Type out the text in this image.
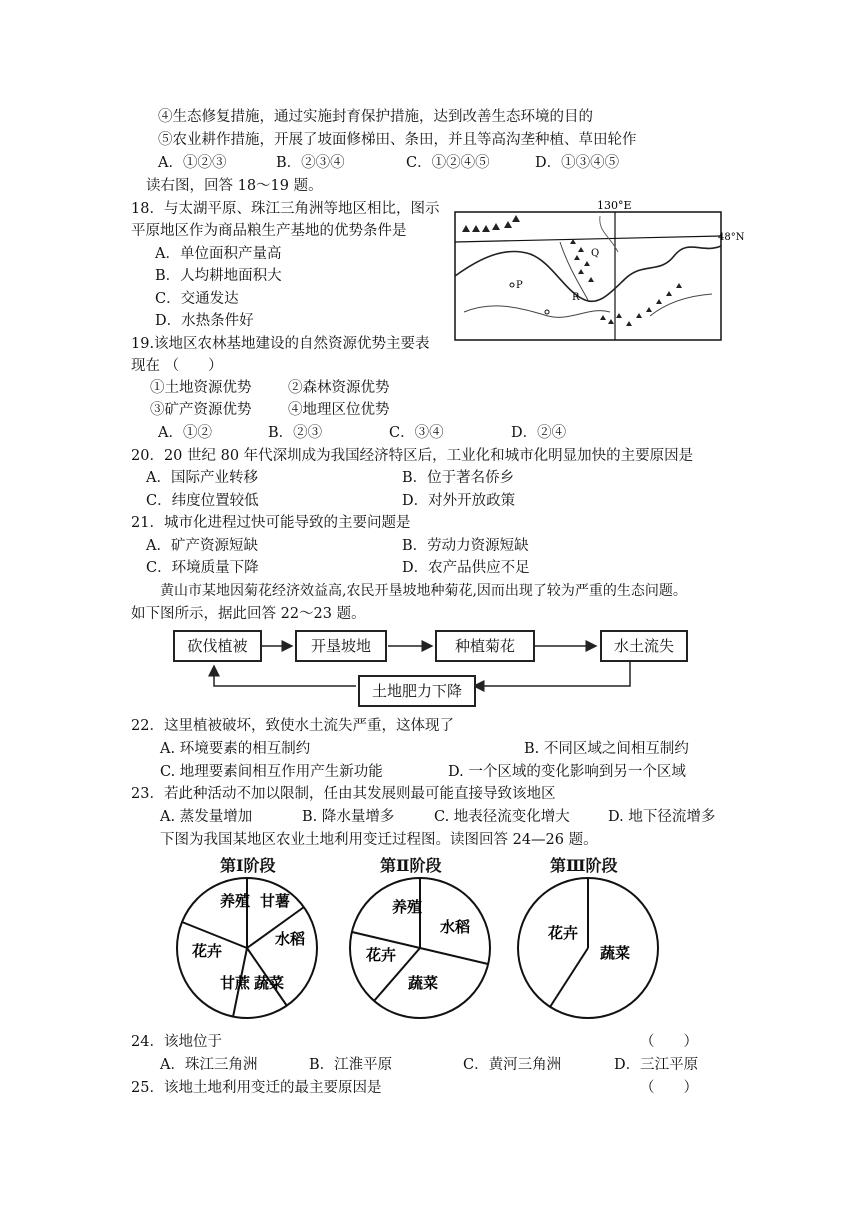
④生态修复措施，通过实施封育保护措施，达到改善生态环境的目的
⑤农业耕作措施，开展了坡面修梯田、条田，并且等高沟垄种植、草田轮作
A．①②③	B．②③④	C．①②④⑤	D．①③④⑤
读右图，回答 18～19 题。
18．与太湖平原、珠江三角洲等地区相比，图示
平原地区作为商品粮生产基地的优势条件是
A．单位面积产量高
B．人均耕地面积大
C．交通发达
D．水热条件好
130°E
48°N
P
Q
R
19.该地区农林基地建设的自然资源优势主要表
现在 （　　）
①土地资源优势	②森林资源优势
③矿产资源优势	④地理区位优势
A．①②	B．②③	C．③④	D．②④
20．20 世纪 80 年代深圳成为我国经济特区后，工业化和城市化明显加快的主要原因是
A．国际产业转移	B．位于著名侨乡
C．纬度位置较低	D．对外开放政策
21．城市化进程过快可能导致的主要问题是
A．矿产资源短缺	B．劳动力资源短缺
C．环境质量下降	D．农产品供应不足
黄山市某地因菊花经济效益高,农民开垦坡地种菊花,因而出现了较为严重的生态问题。
如下图所示，据此回答 22～23 题。
砍伐植被	开垦坡地	种植菊花	水土流失
土地肥力下降
22．这里植被破坏，致使水土流失严重，这体现了
A. 环境要素的相互制约	B. 不同区域之间相互制约
C. 地理要素间相互作用产生新功能	D. 一个区域的变化影响到另一个区域
23．若此种活动不加以限制，任由其发展则最可能直接导致该地区
A. 蒸发量增加	B. 降水量增多	C. 地表径流变化增大	D. 地下径流增多
下图为我国某地区农业土地利用变迁过程图。读图回答 24—26 题。
第Ⅰ阶段	第Ⅱ阶段	第Ⅲ阶段
养殖 甘薯
水稻
蔬菜
甘蔗
花卉
养殖
水稻
蔬菜
花卉
花卉
蔬菜
24．该地位于	（　　）
A．珠江三角洲	B．江淮平原	C．黄河三角洲	D．三江平原
25．该地土地利用变迁的最主要原因是	（　　）
